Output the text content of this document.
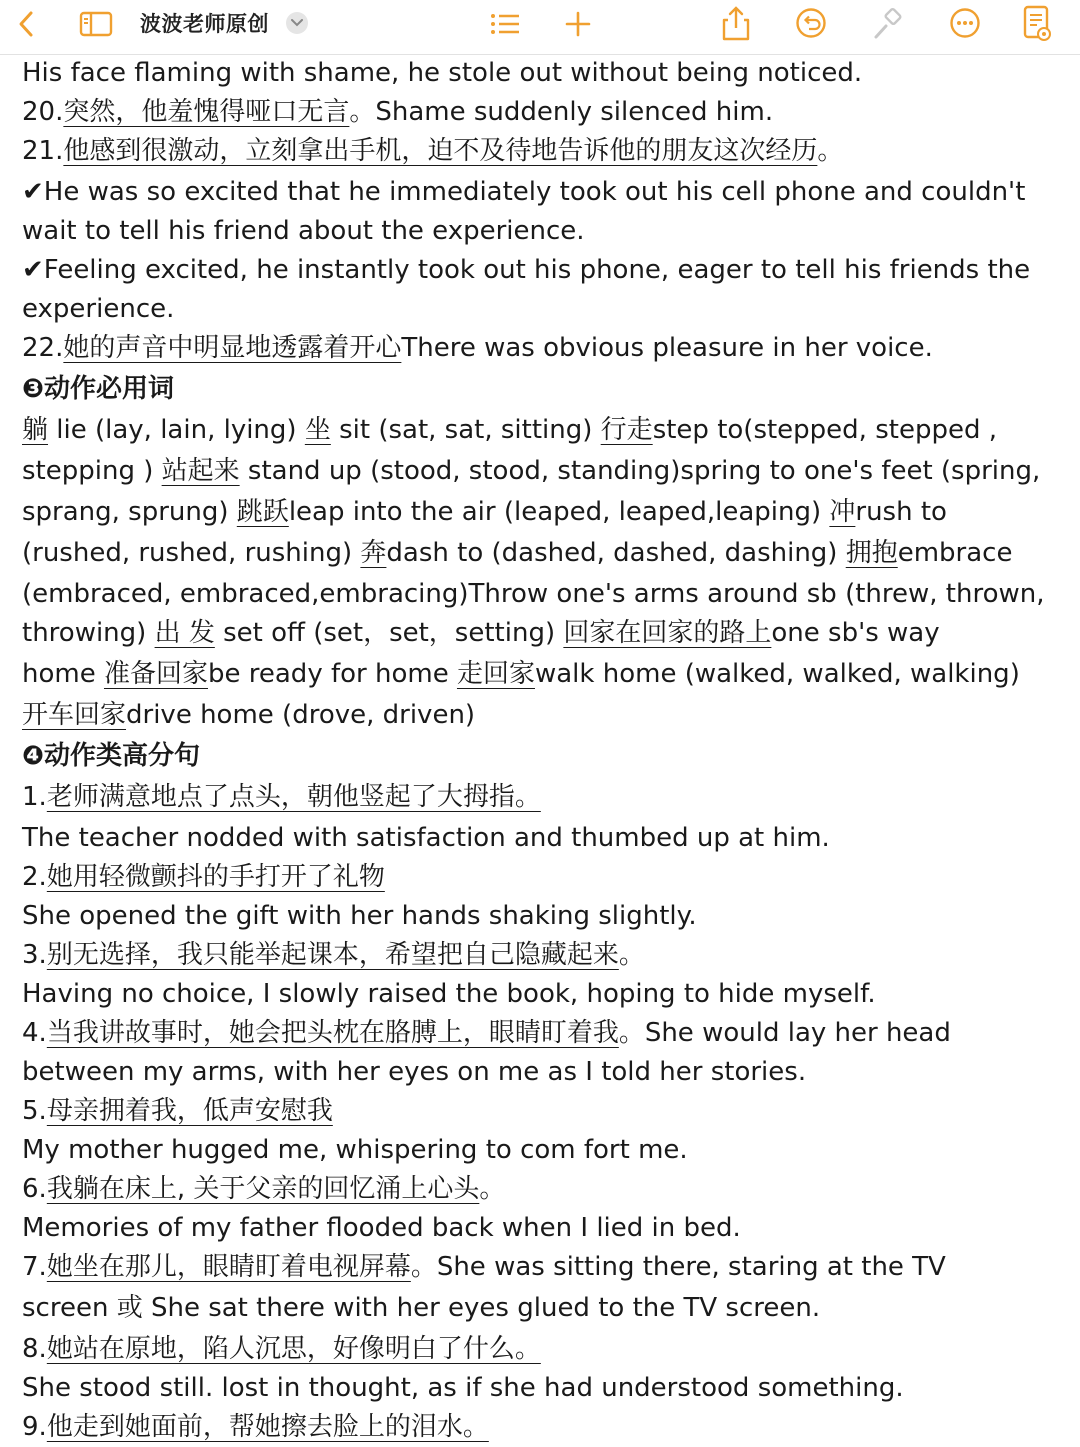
波波老师原创
His face flaming with shame, he stole out without being noticed.
20.突然，他羞愧得哑口无言。Shame suddenly silenced him.
21.他感到很激动，立刻拿出手机，迫不及待地告诉他的朋友这次经历。
✔He was so excited that he immediately took out his cell phone and couldn't
wait to tell his friend about the experience.
✔Feeling excited, he instantly took out his phone, eager to tell his friends the
experience.
22.她的声音中明显地透露着开心There was obvious pleasure in her voice.
❸动作必用词
躺 lie (lay, lain, lying) 坐 sit (sat, sat, sitting) 行走step to(stepped, stepped ,
stepping ) 站起来 stand up (stood, stood, standing)spring to one's feet (spring,
sprang, sprung) 跳跃leap into the air (leaped, leaped,leaping) 冲rush to
(rushed, rushed, rushing) 奔dash to (dashed, dashed, dashing) 拥抱embrace
(embraced, embraced,embracing)Throw one's arms around sb (threw, thrown,
throwing) 出 发 set off (set，set，setting) 回家在回家的路上one sb's way
home 准备回家be ready for home 走回家walk home (walked, walked, walking)
开车回家drive home (drove, driven)
❹动作类高分句
1.老师满意地点了点头，朝他竖起了大拇指。
The teacher nodded with satisfaction and thumbed up at him.
2.她用轻微颤抖的手打开了礼物
She opened the gift with her hands shaking slightly.
3.别无选择，我只能举起课本，希望把自己隐藏起来。
Having no choice, I slowly raised the book, hoping to hide myself.
4.当我讲故事时，她会把头枕在胳膊上，眼睛盯着我。She would lay her head
between my arms, with her eyes on me as I told her stories.
5.母亲拥着我，低声安慰我
My mother hugged me, whispering to com fort me.
6.我躺在床上, 关于父亲的回忆涌上心头。
Memories of my father flooded back when I lied in bed.
7.她坐在那儿，眼睛盯着电视屏幕。She was sitting there, staring at the TV
screen 或 She sat there with her eyes glued to the TV screen.
8.她站在原地，陷人沉思，好像明白了什么。
She stood still. lost in thought, as if she had understood something.
9.他走到她面前，帮她擦去脸上的泪水。
